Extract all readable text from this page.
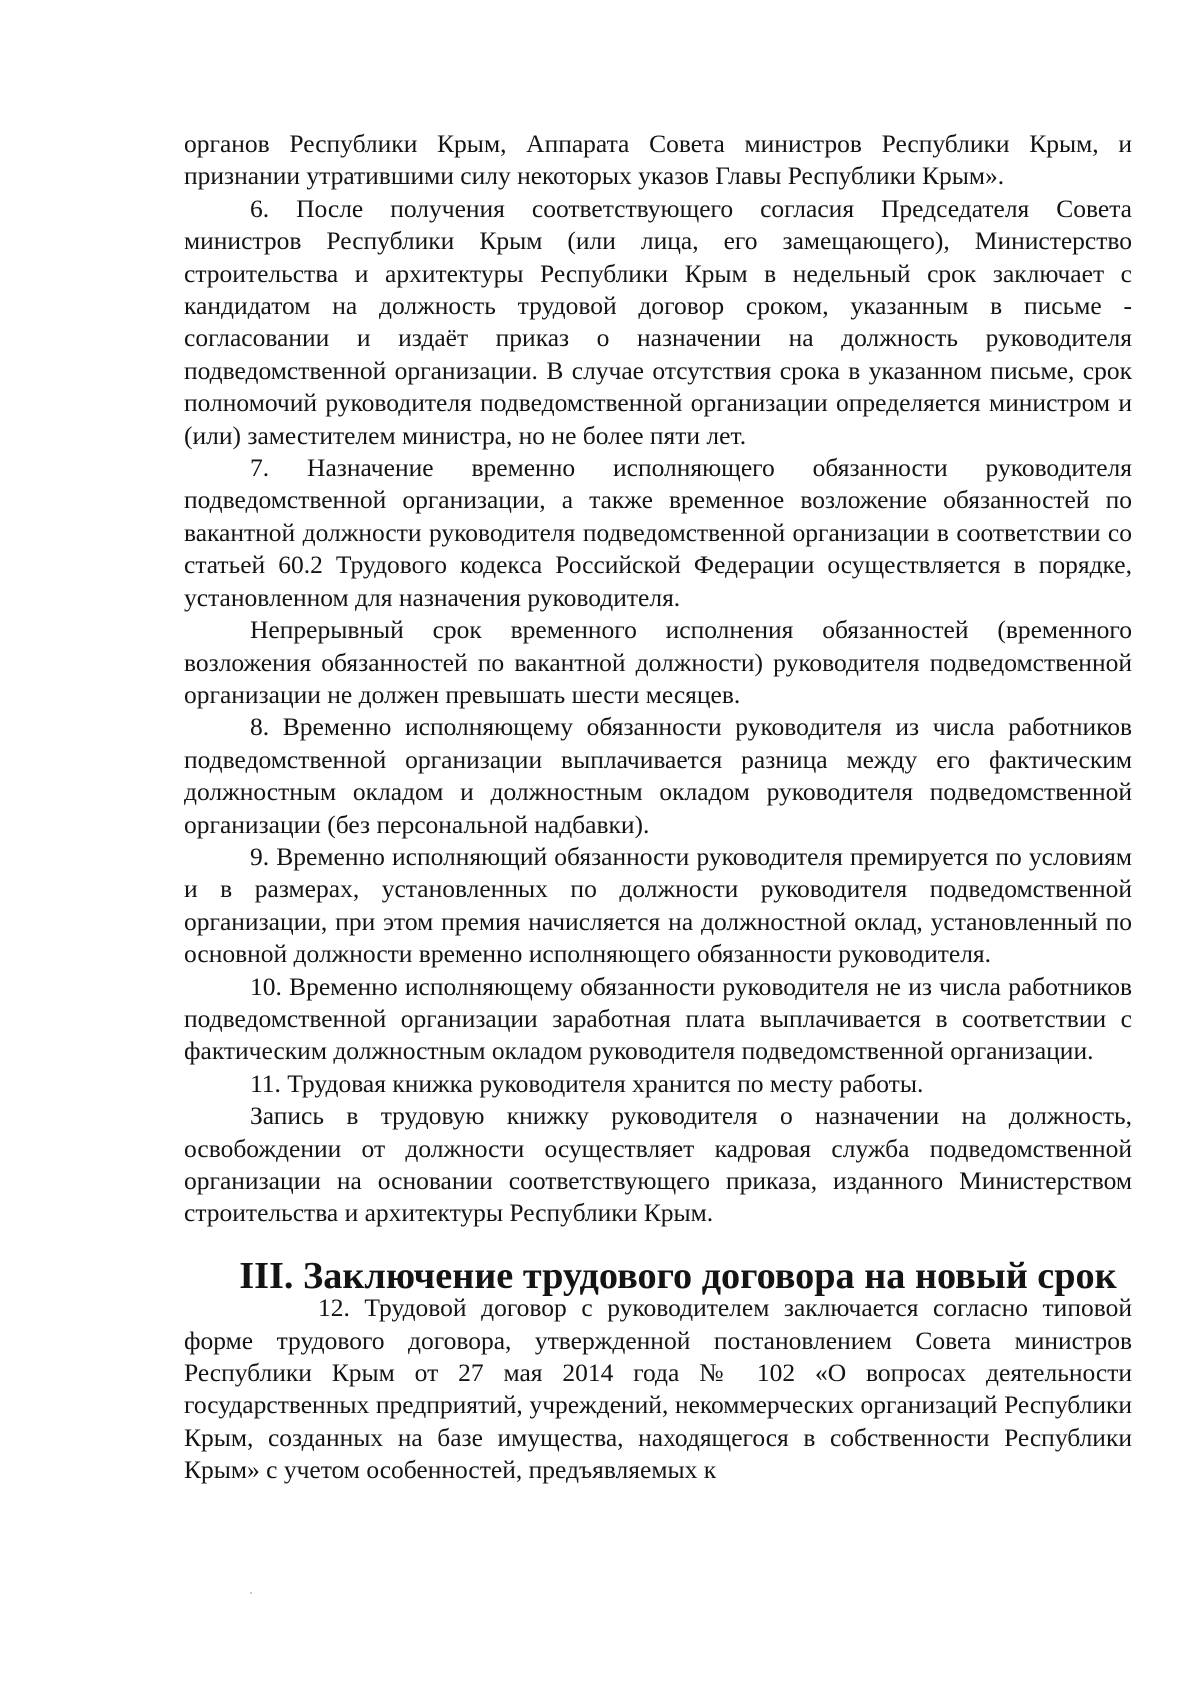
органов Республики Крым, Аппарата Совета министров Республики Крым, и признании утратившими силу некоторых указов Главы Республики Крым».

6. После получения соответствующего согласия Председателя Совета министров Республики Крым (или лица, его замещающего), Министерство строительства и архитектуры Республики Крым в недельный срок заключает с кандидатом на должность трудовой договор сроком, указанным в письме - согласовании и издаёт приказ о назначении на должность руководителя подведомственной организации. В случае отсутствия срока в указанном письме, срок полномочий руководителя подведомственной организации определяется министром и (или) заместителем министра, но не более пяти лет.

7. Назначение временно исполняющего обязанности руководителя подведомственной организации, а также временное возложение обязанностей по вакантной должности руководителя подведомственной организации в соответствии со статьей 60.2 Трудового кодекса Российской Федерации осуществляется в порядке, установленном для назначения руководителя.

Непрерывный срок временного исполнения обязанностей (временного возложения обязанностей по вакантной должности) руководителя подведомственной организации не должен превышать шести месяцев.

8. Временно исполняющему обязанности руководителя из числа работников подведомственной организации выплачивается разница между его фактическим должностным окладом и должностным окладом руководителя подведомственной организации (без персональной надбавки).

9. Временно исполняющий обязанности руководителя премируется по условиям и в размерах, установленных по должности руководителя подведомственной организации, при этом премия начисляется на должностной оклад, установленный по основной должности временно исполняющего обязанности руководителя.

10. Временно исполняющему обязанности руководителя не из числа работников подведомственной организации заработная плата выплачивается в соответствии с фактическим должностным окладом руководителя подведомственной организации.

11. Трудовая книжка руководителя хранится по месту работы.

Запись в трудовую книжку руководителя о назначении на должность, освобождении от должности осуществляет кадровая служба подведомственной организации на основании соответствующего приказа, изданного Министерством строительства и архитектуры Республики Крым.

III. Заключение трудового договора на новый срок

12. Трудовой договор с руководителем заключается согласно типовой форме трудового договора, утвержденной постановлением Совета министров Республики Крым от 27 мая 2014 года № 102 «О вопросах деятельности государственных предприятий, учреждений, некоммерческих организаций Республики Крым, созданных на базе имущества, находящегося в собственности Республики Крым» с учетом особенностей, предъявляемых к
